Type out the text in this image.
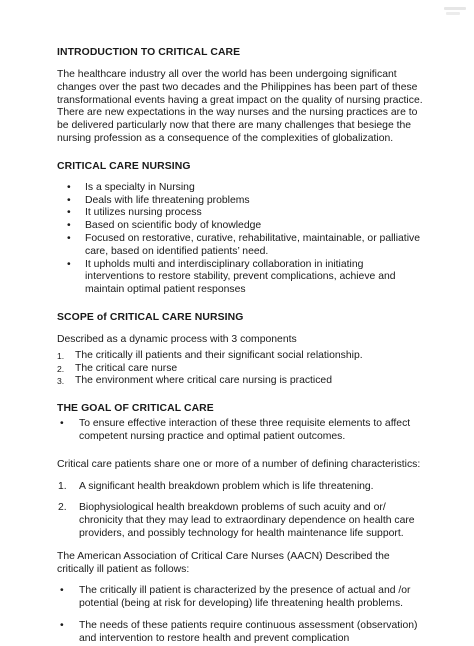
INTRODUCTION TO CRITICAL CARE

The healthcare industry all over the world has been undergoing significant changes over the past two decades and the Philippines has been part of these transformational events having a great impact on the quality of nursing practice. There are new expectations in the way nurses and the nursing practices are to be delivered particularly now that there are many challenges that besiege the nursing profession as a consequence of the complexities of globalization.

CRITICAL CARE NURSING
•	Is a specialty in Nursing
•	Deals with life threatening problems
•	It utilizes nursing process
•	Based on scientific body of knowledge
•	Focused on restorative, curative, rehabilitative, maintainable, or palliative care, based on identified patients’ need.
•	It upholds multi and interdisciplinary collaboration in initiating interventions to restore stability, prevent complications, achieve and maintain optimal patient responses
SCOPE of CRITICAL CARE NURSING

Described as a dynamic process with 3 components

1.	The critically ill patients and their significant social relationship.
2.	The critical care nurse
3.	The environment where critical care nursing is practiced
THE GOAL OF CRITICAL CARE
•	To ensure effective interaction of these three requisite elements to affect competent nursing practice and optimal patient outcomes.

Critical care patients share one or more of a number of defining characteristics:

1.	A significant health breakdown problem which is life threatening.
2.	Biophysiological health breakdown problems of such acuity and or/ chronicity that they may lead to extraordinary dependence on health care providers, and possibly technology for health maintenance life support.

The American Association of Critical Care Nurses (AACN) Described the critically ill patient as follows:

•	The critically ill patient is characterized by the presence of actual and /or potential (being at risk for developing) life threatening health problems.
•	The needs of these patients require continuous assessment (observation) and intervention to restore health and prevent complication
